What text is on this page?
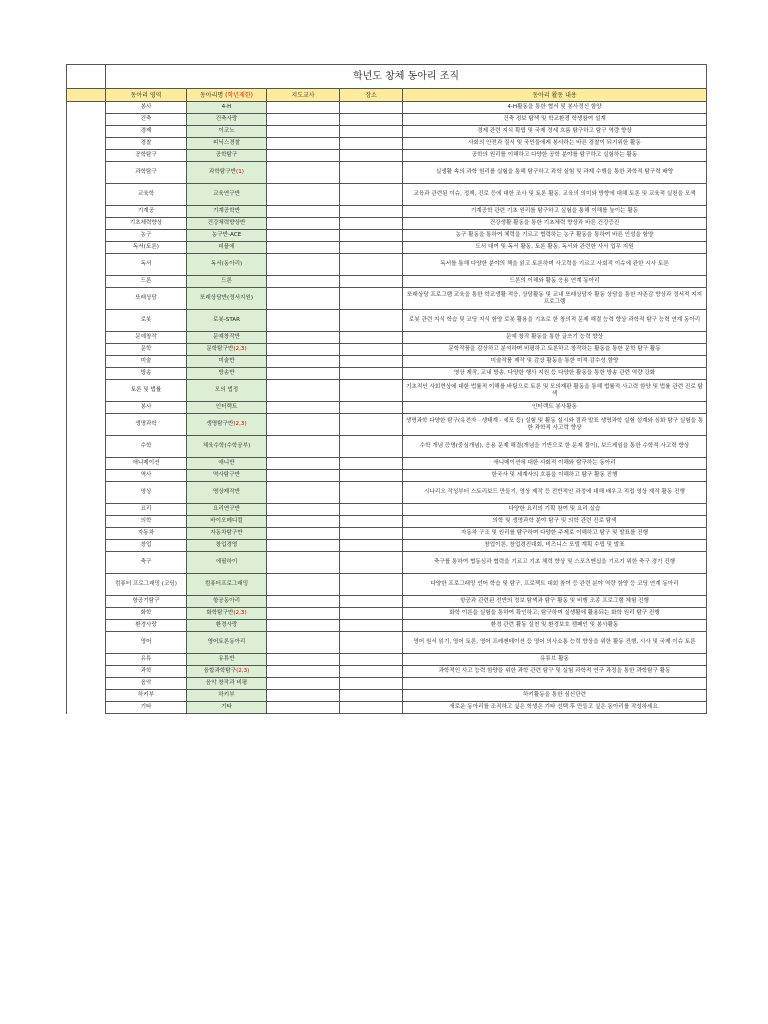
	학년도 창체 동아리 조직				
	동아리 영역	동아리명 (학년제한)	지도교사	장소	동아리 활동 내용
	봉사	4-H			4-H활동을 통한 협서 및 봉사정신 함양
	건축	건축사랑			건축 정보 탐색 및 학교환경 학생참여 설계
	경제	이코노			경제 관련 지식 확립 및 국제 정세 흐름 탐구하고 탐구 역량 향상
	경찰	피닉스경찰			사회의 안전과 질서 및 국민들에게 봉사하는 바른 경찰이 되기위한 활동
	공학탐구	공학탐구			공학의 원리를 이해하고 다양한 공학 분야를 탐구하고 실험하는 활동
	과학탐구	과학탐구반(1)			실생활 속의 과학 원리를 실험을 통해 탐구하고 과학 실험 및 과제 수행을 통한 과학적 탐구력 배양
	교육학	교육연구반			교육과 관련된 이슈, 정책, 진로 등에 대한 조사 및 토론 활동, 교육의 의미와 방향에 대해 토론 및 교육적 실천을 모색
	기계공	기계공학반			기계공학 관련 기초 원리를 탐구하고 실험을 통해 이해를 높이는 활동
	기초체력향상	건강체력향상반			건강생활 활동을 통한 기초체력 향상과 바른 건강증진
	농구	농구반-ACE			농구 활동을 통하여 체력을 기르고 협력하는 농구 활동을 통하여 바른 인성을 함양
	독서(토론)	피플에			도서 대여 및 독서 활동, 토론 활동, 독서와 관련한 사서 업무 지원
	독서	독서(동아리)			독서를 통해 다양한 분야의 책을 읽고 토론하며 사고력을 기르고 사회적 이슈에 관한 시사 토론
	드론	드론			드론의 이해와 활동 응용 연계 동아리
	또래상담	또래상담반(정서지원)			또래상담 프로그램 교육을 통한 학교생활 적응, 상담활동 및 교내 또래상담자 활동 상담을 통한 자존감 향상과 정서적 지지 프로그램
	로봇	로봇-STAR			로봇 관련 지식 학습 및 코딩 지식 함양 로봇 활용을 기초로 한 창의적 문제 해결 능력 향상 과학적 탐구 능력 연계 동아리
	문예창작	문예창작반			문예 창작 활동을 통한 글쓰기 능력 향상
	문학	문학탐구반(2,3)			문학작품을 감상하고 분석하며 비평하고 토론하고 창작하는 활동을 통한 문학 탐구 활동
	미술	미술반			미술작품 제작 및 감상 활동을 통한 미적 감수성 함양
	방송	방송반			영상 제작, 교내 방송, 다양한 행사 지원 등 다양한 활동을 통한 방송 관련 역량 강화
	토론 및 법률	모의 법정			기초적인 사회현상에 대한 법률적 이해를 바탕으로 토론 및 모의재판 활동을 통해 법률적 사고력 함양 및 법률 관련 진로 탐색
	봉사	인터랙트			인터랙트 봉사활동
	생명과학	생명탐구반(2,3)			생명과학 다양한 탐구(유전자 · 생태계 · 세포 등) 실험 및 활동 실시와 결과 발표 생명과학 실험 설계와 심화 탐구 실험을 통한 과학적 사고력 향상
	수학	체육수학(수학공부)			수학 개념 증명(중심개념), 응용 문제 해결(개념을 기반으로 한 문제 풀이), 보드게임을 통한 수학적 사고력 향상
	애니메이션	애니반			애니메이션에 대한 사회적 이해와 탐구하는 동아리
	역사	역사탐구반			한국사 및 세계사의 흐름을 이해하고 탐구 활동 진행
	영상	영상제작반			시나리오 작성부터 스토리보드 만들기, 영상 제작 등 전반적인 과정에 대해 배우고 직접 영상 제작 활동 진행
	요리	요리연구반			다양한 요리의 기획 참여 및 요리 실습
	의학	바이오메디컬			의학 및 생명과학 분야 탐구 및 의학 관련 진로 탐색
	자동차	자동차탐구반			자동차 구조 및 원리를 탐구하며 다양한 주제로 이해하고 탐구 및 발표를 진행
	창업	창업경영			창업이론, 창업경진대회, 비즈니스 모델 계획 수립 및 발표
	축구	에필하이			축구를 통하여 협동심과 협력을 기르고 기초 체력 향상 및 스포츠맨십을 기르기 위한 축구 경기 진행
	컴퓨터 프로그래밍 (코딩)	컴퓨터프로그래밍			다양한 프로그래밍 언어 학습 및 탐구, 프로젝트 대회 참여 등 관련 분야 역량 함양 등 코딩 연계 동아리
	항공기탐구	항공동아리			항공과 관련된 전반의 정보 탐색과 탐구 활동 및 비행 조종 프로그램 체험 진행
	화학	화학탐구반(2,3)			화학 이론을 실험을 통하여 확인하고, 탐구하며 실생활에 활용되는 화학 원리 탐구 진행
	환경사랑	환경사랑			환경 관련 활동 실천 및 환경보호 캠페인 및 봉사활동
	영어	영어토론동아리			영어 원서 읽기, 영어 토론, 영어 프레젠테이션 등 영어 의사소통 능력 향상을 위한 활동 진행, 시사 및 국제 이슈 토론
	유튜	유튜반			유튜브 활동
	과학	융합과학탐구(2,3)			과학적인 사고 능력 함양을 위한 과학 관련 탐구 및 실험 과학적 연구 과정을 통한 과학탐구 활동
	음악	음악 창작과 비평			
	하키부	하키부			하키활동을 통한 심신단련
	기타	기타			새로운 동아리를 조직하고 싶은 학생은 기타 선택 후 만들고 싶은 동아리를 작성하세요.
